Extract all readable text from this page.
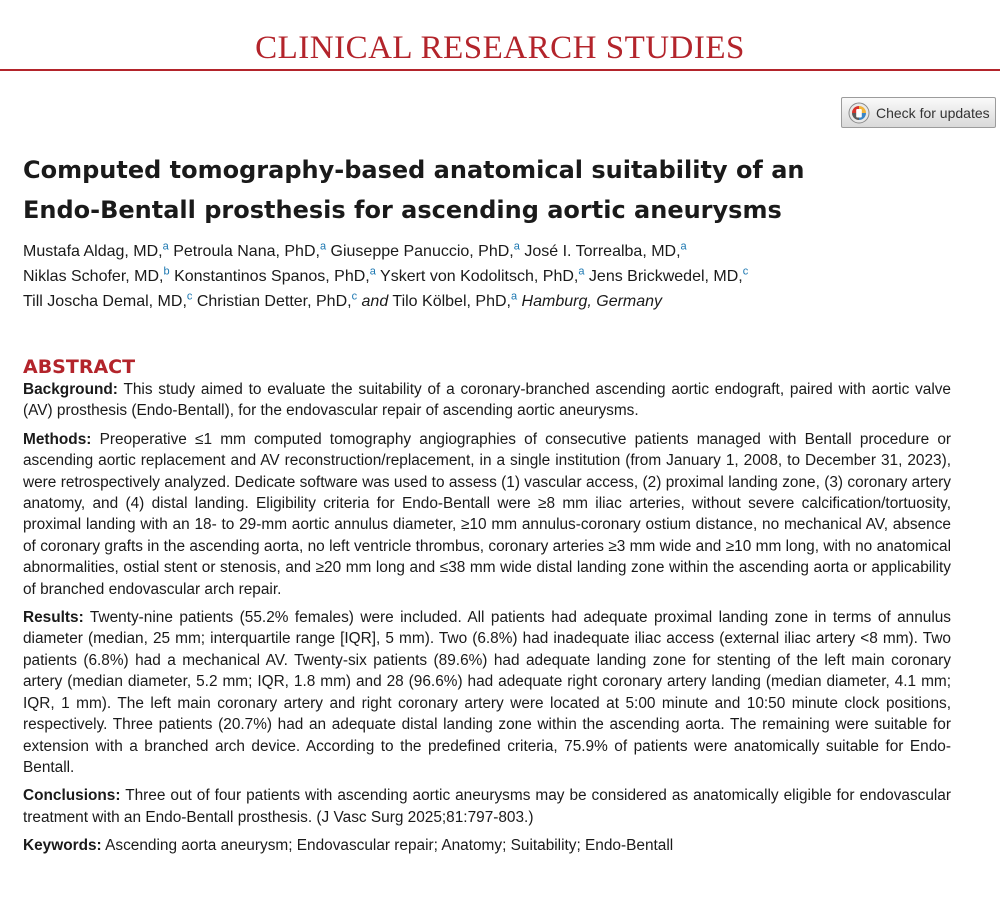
CLINICAL RESEARCH STUDIES
Check for updates
Computed tomography-based anatomical suitability of an
Endo-Bentall prosthesis for ascending aortic aneurysms
Mustafa Aldag, MD,$^a$ Petroula Nana, PhD,$^a$ Giuseppe Panuccio, PhD,$^a$ José I. Torrealba, MD,$^a$
Niklas Schofer, MD,$^b$ Konstantinos Spanos, PhD,$^a$ Yskert von Kodolitsch, PhD,$^a$ Jens Brickwedel, MD,$^c$
Till Joscha Demal, MD,$^c$ Christian Detter, PhD,$^c$ and Tilo Kölbel, PhD,$^a$ Hamburg, Germany
ABSTRACT

Background: This study aimed to evaluate the suitability of a coronary-branched ascending aortic endograft, paired with aortic valve (AV) prosthesis (Endo-Bentall), for the endovascular repair of ascending aortic aneurysms.

Methods: Preoperative ≤1 mm computed tomography angiographies of consecutive patients managed with Bentall procedure or ascending aortic replacement and AV reconstruction/replacement, in a single institution (from January 1, 2008, to December 31, 2023), were retrospectively analyzed. Dedicate software was used to assess (1) vascular access, (2) proximal landing zone, (3) coronary artery anatomy, and (4) distal landing. Eligibility criteria for Endo-Bentall were ≥8 mm iliac arteries, without severe calcification/tortuosity, proximal landing with an 18- to 29-mm aortic annulus diameter, ≥10 mm annulus-coronary ostium distance, no mechanical AV, absence of coronary grafts in the ascending aorta, no left ventricle thrombus, coronary arteries ≥3 mm wide and ≥10 mm long, with no anatomical abnormalities, ostial stent or stenosis, and ≥20 mm long and ≤38 mm wide distal landing zone within the ascending aorta or applicability of branched endovascular arch repair.

Results: Twenty-nine patients (55.2% females) were included. All patients had adequate proximal landing zone in terms of annulus diameter (median, 25 mm; interquartile range [IQR], 5 mm). Two (6.8%) had inadequate iliac access (external iliac artery <8 mm). Two patients (6.8%) had a mechanical AV. Twenty-six patients (89.6%) had adequate landing zone for stenting of the left main coronary artery (median diameter, 5.2 mm; IQR, 1.8 mm) and 28 (96.6%) had adequate right coronary artery landing (median diameter, 4.1 mm; IQR, 1 mm). The left main coronary artery and right coronary artery were located at 5:00 minute and 10:50 minute clock positions, respectively. Three patients (20.7%) had an adequate distal landing zone within the ascending aorta. The remaining were suitable for extension with a branched arch device. According to the predefined criteria, 75.9% of patients were anatomically suitable for Endo-Bentall.

Conclusions: Three out of four patients with ascending aortic aneurysms may be considered as anatomically eligible for endovascular treatment with an Endo-Bentall prosthesis. (J Vasc Surg 2025;81:797-803.)

Keywords: Ascending aorta aneurysm; Endovascular repair; Anatomy; Suitability; Endo-Bentall
